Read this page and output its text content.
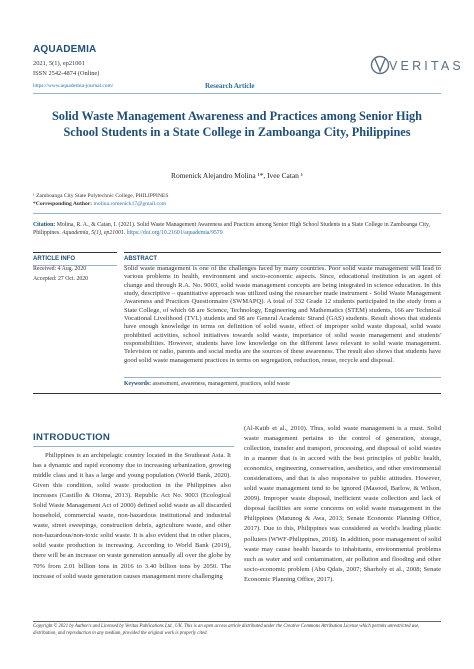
AQUADEMIA
2021, 5(1), ep21001
ISSN 2542-4874 (Online)
https://www.aquademia-journal.com/	Research Article
VERITAS
Solid Waste Management Awareness and Practices among Senior High School Students in a State College in Zamboanga City, Philippines
Romenick Alejandro Molina ¹*, Ivee Catan ¹
¹ Zamboanga City State Polytechnic College, PHILIPPINES
*Corresponding Author: molina.romenick17@gmail.com
Citation: Molina, R. A., & Catan, I. (2021). Solid Waste Management Awareness and Practices among Senior High School Students in a State College in Zamboanga City, Philippines. Aquademia, 5(1), ep21001. https://doi.org/10.21601/aquademia/9579
ARTICLE INFO	ABSTRACT
Received: 4 Aug. 2020
Accepted: 27 Oct. 2020
Solid waste management is one of the challenges faced by many countries. Poor solid waste management will lead to various problems in health, environment and socio-economic aspects. Since, educational institution is an agent of change and through R.A. No. 9003, solid waste management concepts are being integrated in science education. In this study, descriptive – quantitative approach was utilized using the researcher made instrument - Solid Waste Management Awareness and Practices Questionnaire (SWMAPQ). A total of 332 Grade 12 students participated in the study from a State College, of which 68 are Science, Technology, Engineering and Mathematics (STEM) students, 166 are Technical Vocational Livelihood (TVL) students and 98 are General Academic Strand (GAS) students. Result shows that students have enough knowledge in terms on definition of solid waste, effect of improper solid waste disposal, solid waste prohibited activities, school initiatives towards solid waste, importance of solid waste management and students' responsibilities. However, students have low knowledge on the different laws relevant to solid waste management. Television or radio, parents and social media are the sources of these awareness. The result also shows that students have good solid waste management practices in terms on segregation, reduction, reuse, recycle and disposal.
Keywords: assessment, awareness, management, practices, solid waste
INTRODUCTION
Philippines is an archipelagic country located in the Southeast Asia. It has a dynamic and rapid economy due to increasing urbanization, growing middle class and it has a large and young population (World Bank, 2020). Given this condition, solid waste production in the Philippines also increases (Castillo & Otoma, 2013). Republic Act No. 9003 (Ecological Solid Waste Management Act of 2000) defined solid waste as all discarded household, commercial waste, non-hazardous institutional and industrial waste, street sweepings, construction debris, agriculture waste, and other non-hazardous/non-toxic solid waste. It is also evident that in other places, solid waste production is increasing. According to World Bank (2019), there will be an increase on waste generation annually all over the globe by 70% from 2.01 billion tons in 2016 to 3.40 billion tons by 2050. The increase of solid waste generation causes management more challenging
(Al-Katib et al., 2010). Thus, solid waste management is a must. Solid waste management pertains to the control of generation, storage, collection, transfer and transport, processing, and disposal of solid wastes in a manner that is in accord with the best principles of public health, economics, engineering, conservation, aesthetics, and other environmental considerations, and that is also responsive to public attitudes. However, solid waste management tend to be ignored (Masood, Barlow, & Wilson, 2009). Improper waste disposal, inefficient waste collection and lack of disposal facilities are some concerns on solid waste management in the Philippines (Matunog & Awa, 2013; Senate Economic Planning Office, 2017). Due to this, Philippines was considered as world's leading plastic polluters (WWF-Philippines, 2018). In addition, poor management of solid waste may cause health hazards to inhabitants, environmental problems such as water and soil contamination, air pollution and flooding and other socio-economic problem (Abu Qdais, 2007; Sharholy et al., 2008; Senate Economic Planning Office, 2017).
Copyright © 2021 by Author/s and Licensed by Veritas Publications Ltd., UK. This is an open access article distributed under the Creative Commons Attribution License which permits unrestricted use, distribution, and reproduction in any medium, provided the original work is properly cited.
